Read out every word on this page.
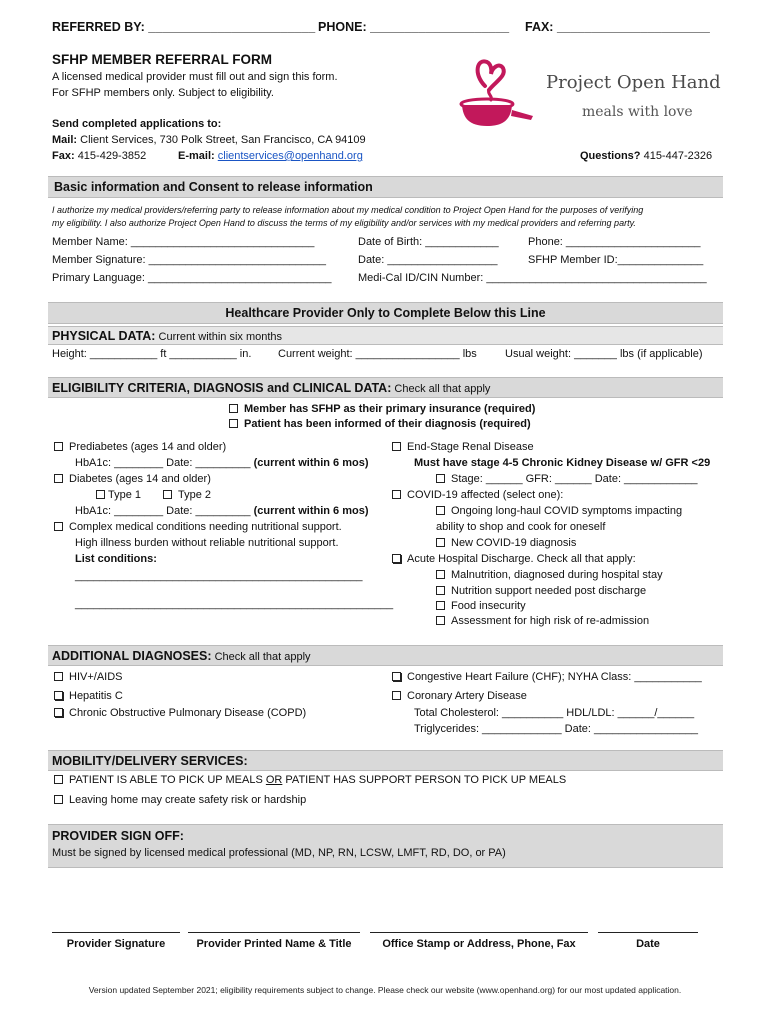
REFERRED BY: ________________________ PHONE: ____________________ FAX: ______________________
SFHP MEMBER REFERRAL FORM
A licensed medical provider must fill out and sign this form.
For SFHP members only. Subject to eligibility.
Send completed applications to:
Mail: Client Services, 730 Polk Street, San Francisco, CA 94109
Fax: 415-429-3852	E-mail: clientservices@openhand.org	Questions? 415-447-2326
Project Open Hand
meals with love
Basic information and Consent to release information
I authorize my medical providers/referring party to release information about my medical condition to Project Open Hand for the purposes of verifying
my eligibility. I also authorize Project Open Hand to discuss the terms of my eligibility and/or services with my medical providers and referring party.
Member Name: ______________________________	Date of Birth: ____________	Phone: ______________________
Member Signature: _____________________________	Date: __________________	SFHP Member ID:______________
Primary Language: ______________________________ Medi-Cal ID/CIN Number: ____________________________________
Healthcare Provider Only to Complete Below this Line
PHYSICAL DATA: Current within six months
Height: ___________ ft ___________ in. Current weight: _________________ lbs	Usual weight: _______ lbs (if applicable)
ELIGIBILITY CRITERIA, DIAGNOSIS and CLINICAL DATA: Check all that apply
Member has SFHP as their primary insurance (required)
Patient has been informed of their diagnosis (required)
Prediabetes (ages 14 and older)
HbA1c: ________ Date: _________ (current within 6 mos)
Diabetes (ages 14 and older)
Type 1	Type 2
HbA1c: ________ Date: _________ (current within 6 mos)
Complex medical conditions needing nutritional support.
High illness burden without reliable nutritional support.
List conditions:
_______________________________________________
____________________________________________________
End-Stage Renal Disease
Must have stage 4-5 Chronic Kidney Disease w/ GFR <29
Stage: ______ GFR: ______ Date: ____________
COVID-19 affected (select one):
Ongoing long-haul COVID symptoms impacting
ability to shop and cook for oneself
New COVID-19 diagnosis
Acute Hospital Discharge. Check all that apply:
Malnutrition, diagnosed during hospital stay
Nutrition support needed post discharge
Food insecurity
Assessment for high risk of re-admission
ADDITIONAL DIAGNOSES: Check all that apply
HIV+/AIDS
Hepatitis C
Chronic Obstructive Pulmonary Disease (COPD)
Congestive Heart Failure (CHF); NYHA Class: ___________
Coronary Artery Disease
Total Cholesterol: __________ HDL/LDL: ______/______
Triglycerides: _____________ Date: _________________
MOBILITY/DELIVERY SERVICES:
PATIENT IS ABLE TO PICK UP MEALS OR PATIENT HAS SUPPORT PERSON TO PICK UP MEALS
Leaving home may create safety risk or hardship
PROVIDER SIGN OFF:
Must be signed by licensed medical professional (MD, NP, RN, LCSW, LMFT, RD, DO, or PA)
Provider Signature	Provider Printed Name & Title	Office Stamp or Address, Phone, Fax	Date
Version updated September 2021; eligibility requirements subject to change. Please check our website (www.openhand.org) for our most updated application.
